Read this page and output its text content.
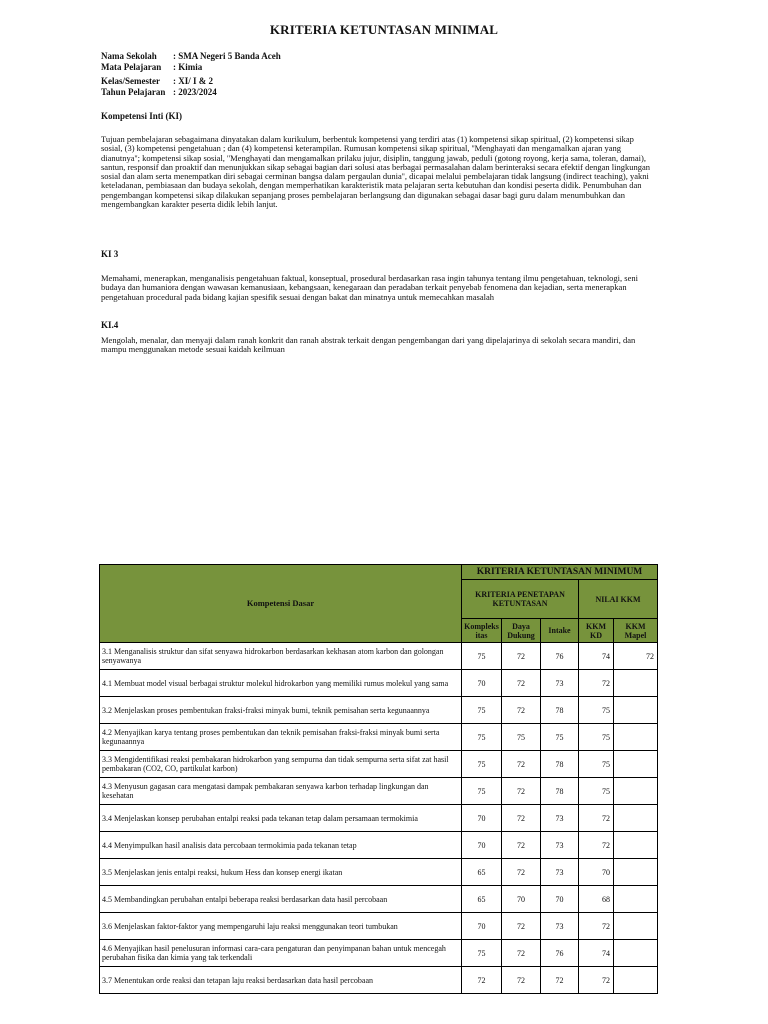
KRITERIA KETUNTASAN MINIMAL
Nama Sekolah : SMA Negeri 5 Banda Aceh
Mata Pelajaran : Kimia
Kelas/Semester : XI/ I & 2
Tahun Pelajaran : 2023/2024
Kompetensi Inti (KI)
Tujuan pembelajaran sebagaimana dinyatakan dalam kurikulum, berbentuk kompetensi yang terdiri atas (1) kompetensi sikap spiritual, (2) kompetensi sikap sosial, (3) kompetensi pengetahuan ; dan (4) kompetensi keterampilan. Rumusan kompetensi sikap spiritual, ''Menghayati dan mengamalkan ajaran yang dianutnya''; kompetensi sikap sosial, ''Menghayati dan mengamalkan prilaku jujur, disiplin, tanggung jawab, peduli (gotong royong, kerja sama, toleran, damai), santun, responsif dan proaktif dan menunjukkan sikap sebagai bagian dari solusi atas berbagai permasalahan dalam berinteraksi secara efektif dengan lingkungan sosial dan alam serta menempatkan diri sebagai cerminan bangsa dalam pergaulan dunia'', dicapai melalui pembelajaran tidak langsung (indirect teaching), yakni keteladanan, pembiasaan dan budaya sekolah, dengan memperhatikan karakteristik mata pelajaran serta kebutuhan dan kondisi peserta didik. Penumbuhan dan pengembangan kompetensi sikap dilakukan sepanjang proses pembelajaran berlangsung dan digunakan sebagai dasar bagi guru dalam menumbuhkan dan mengembangkan karakter peserta didik lebih lanjut.
KI 3
Memahami, menerapkan, menganalisis pengetahuan faktual, konseptual, prosedural berdasarkan rasa ingin tahunya tentang ilmu pengetahuan, teknologi, seni budaya dan humaniora dengan wawasan kemanusiaan, kebangsaan, kenegaraan dan peradaban terkait penyebab fenomena dan kejadian, serta menerapkan pengetahuan procedural pada bidang kajian spesifik sesuai dengan bakat dan minatnya untuk memecahkan masalah
KI.4
Mengolah, menalar, dan menyaji dalam ranah konkrit dan ranah abstrak terkait dengan pengembangan dari yang dipelajarinya di sekolah secara mandiri, dan mampu menggunakan metode sesuai kaidah keilmuan
Kompetensi Dasar	KRITERIA KETUNTASAN MINIMUM				
	KRITERIA PENETAPAN KETUNTASAN			NILAI KKM	
	Kompleks itas	Daya Dukung	Intake	KKM KD	KKM Mapel
3.1 Menganalisis struktur dan sifat senyawa hidrokarbon berdasarkan kekhasan atom karbon dan golongan senyawanya	75	72	76	74	72
4.1 Membuat model visual berbagai struktur molekul hidrokarbon yang memiliki rumus molekul yang sama	70	72	73	72	
3.2 Menjelaskan proses pembentukan fraksi-fraksi minyak bumi, teknik pemisahan serta kegunaannya	75	72	78	75	
4.2 Menyajikan karya tentang proses pembentukan dan teknik pemisahan fraksi-fraksi minyak bumi serta kegunaannya	75	75	75	75	
3.3 Mengidentifikasi reaksi pembakaran hidrokarbon yang sempurna dan tidak sempurna serta sifat zat hasil pembakaran (CO2, CO, partikulat karbon)	75	72	78	75	
4.3 Menyusun gagasan cara mengatasi dampak pembakaran senyawa karbon terhadap lingkungan dan kesehatan	75	72	78	75	
3.4 Menjelaskan konsep perubahan entalpi reaksi pada tekanan tetap dalam persamaan termokimia	70	72	73	72	
4.4 Menyimpulkan hasil analisis data percobaan termokimia pada tekanan tetap	70	72	73	72	
3.5 Menjelaskan jenis entalpi reaksi, hukum Hess dan konsep energi ikatan	65	72	73	70	
4.5 Membandingkan perubahan entalpi beberapa reaksi berdasarkan data hasil percobaan	65	70	70	68	
3.6 Menjelaskan faktor-faktor yang mempengaruhi laju reaksi menggunakan teori tumbukan	70	72	73	72	
4.6 Menyajikan hasil penelusuran informasi cara-cara pengaturan dan penyimpanan bahan untuk mencegah perubahan fisika dan kimia yang tak terkendali	75	72	76	74	
3.7 Menentukan orde reaksi dan tetapan laju reaksi berdasarkan data hasil percobaan	72	72	72	72	
